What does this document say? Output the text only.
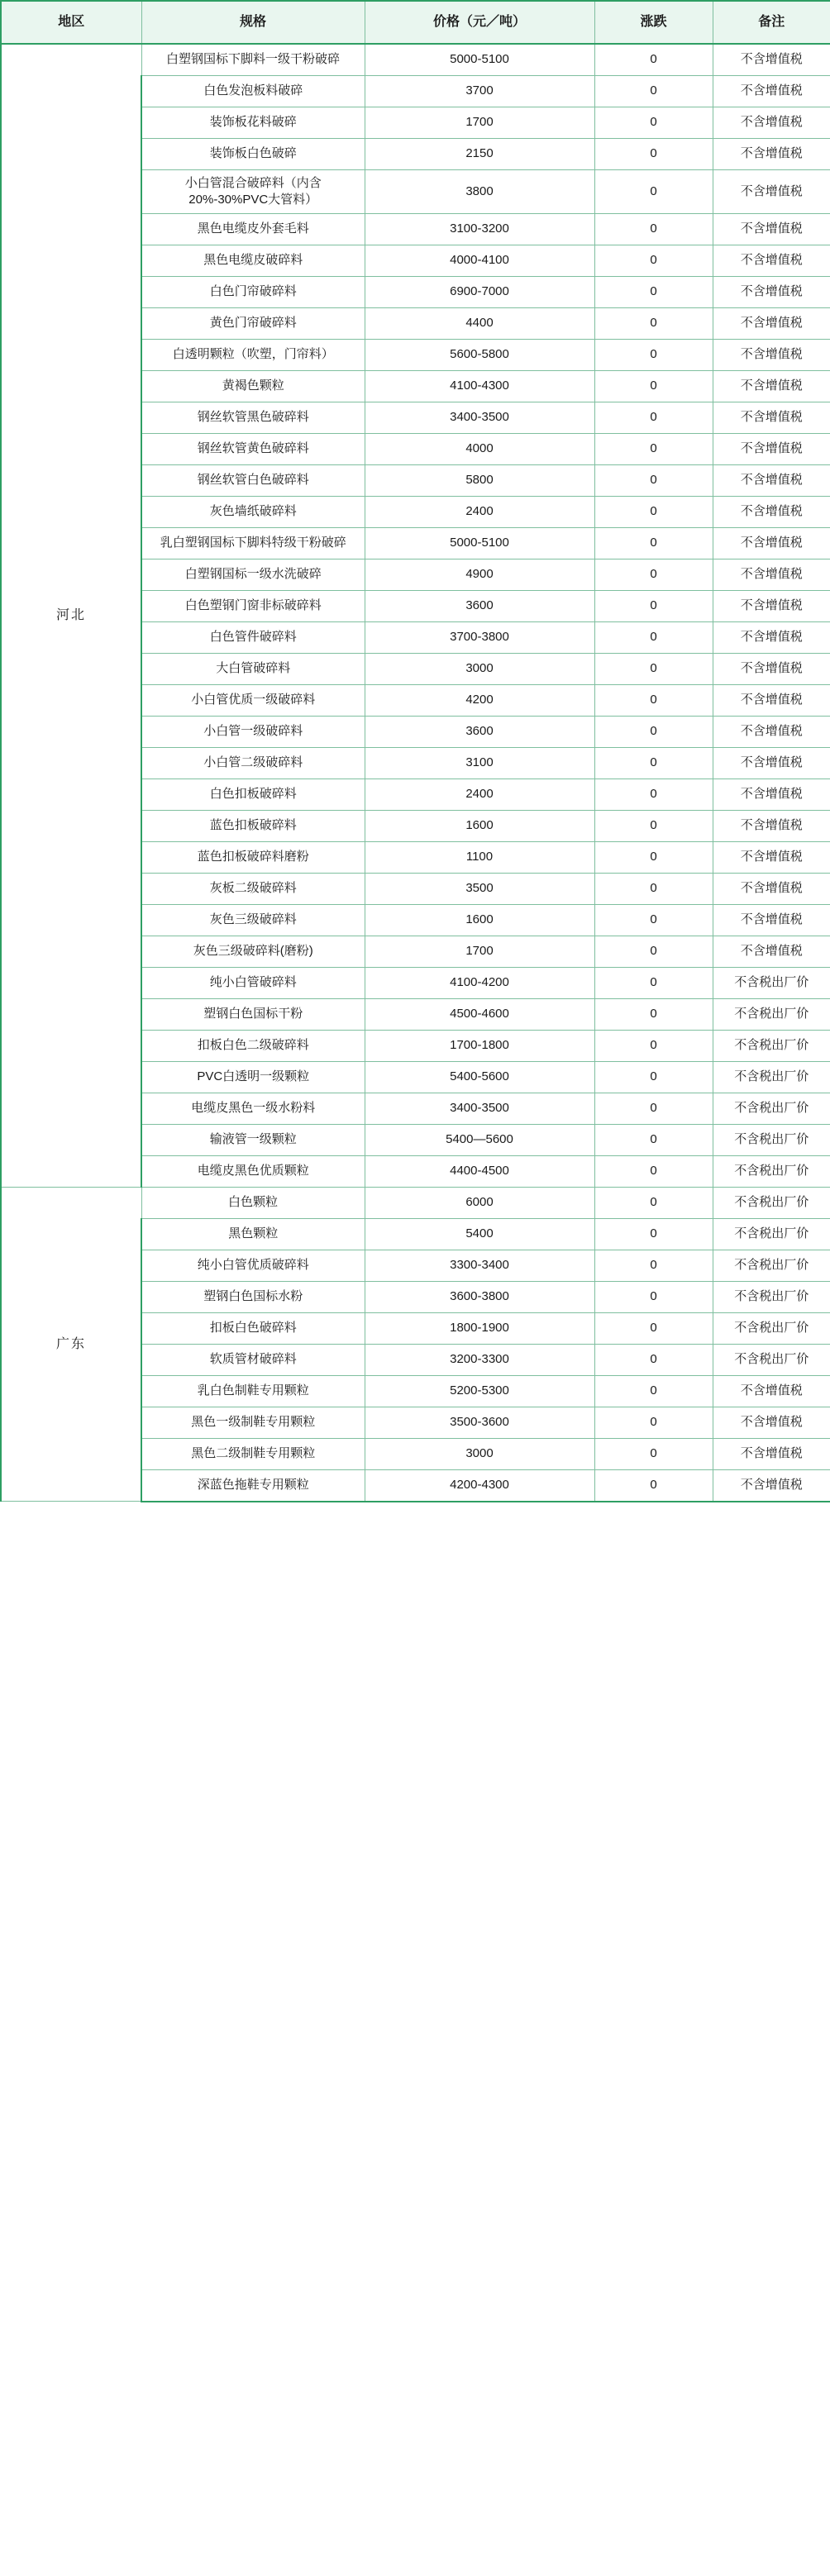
地区	规格	价格（元／吨）	涨跌	备注
河北	白塑钢国标下脚料一级干粉破碎	5000-5100	0	不含增值税
	白色发泡板料破碎	3700	0	不含增值税
	装饰板花料破碎	1700	0	不含增值税
	装饰板白色破碎	2150	0	不含增值税
	小白管混合破碎料（内含20%-30%PVC大管料）	3800	0	不含增值税
	黑色电缆皮外套毛料	3100-3200	0	不含增值税
	黑色电缆皮破碎料	4000-4100	0	不含增值税
	白色门帘破碎料	6900-7000	0	不含增值税
	黄色门帘破碎料	4400	0	不含增值税
	白透明颗粒（吹塑，门帘料）	5600-5800	0	不含增值税
	黄褐色颗粒	4100-4300	0	不含增值税
	钢丝软管黑色破碎料	3400-3500	0	不含增值税
	钢丝软管黄色破碎料	4000	0	不含增值税
	钢丝软管白色破碎料	5800	0	不含增值税
	灰色墙纸破碎料	2400	0	不含增值税
	乳白塑钢国标下脚料特级干粉破碎	5000-5100	0	不含增值税
	白塑钢国标一级水洗破碎	4900	0	不含增值税
	白色塑钢门窗非标破碎料	3600	0	不含增值税
	白色管件破碎料	3700-3800	0	不含增值税
	大白管破碎料	3000	0	不含增值税
	小白管优质一级破碎料	4200	0	不含增值税
	小白管一级破碎料	3600	0	不含增值税
	小白管二级破碎料	3100	0	不含增值税
	白色扣板破碎料	2400	0	不含增值税
	蓝色扣板破碎料	1600	0	不含增值税
	蓝色扣板破碎料磨粉	1100	0	不含增值税
	灰板二级破碎料	3500	0	不含增值税
	灰色三级破碎料	1600	0	不含增值税
	灰色三级破碎料(磨粉)	1700	0	不含增值税
	纯小白管破碎料	4100-4200	0	不含税出厂价
	塑钢白色国标干粉	4500-4600	0	不含税出厂价
	扣板白色二级破碎料	1700-1800	0	不含税出厂价
	PVC白透明一级颗粒	5400-5600	0	不含税出厂价
	电缆皮黑色一级水粉料	3400-3500	0	不含税出厂价
	输液管一级颗粒	5400—5600	0	不含税出厂价
	电缆皮黑色优质颗粒	4400-4500	0	不含税出厂价
广东	白色颗粒	6000	0	不含税出厂价
	黑色颗粒	5400	0	不含税出厂价
	纯小白管优质破碎料	3300-3400	0	不含税出厂价
	塑钢白色国标水粉	3600-3800	0	不含税出厂价
	扣板白色破碎料	1800-1900	0	不含税出厂价
	软质管材破碎料	3200-3300	0	不含税出厂价
	乳白色制鞋专用颗粒	5200-5300	0	不含增值税
	黑色一级制鞋专用颗粒	3500-3600	0	不含增值税
	黑色二级制鞋专用颗粒	3000	0	不含增值税
	深蓝色拖鞋专用颗粒	4200-4300	0	不含增值税
